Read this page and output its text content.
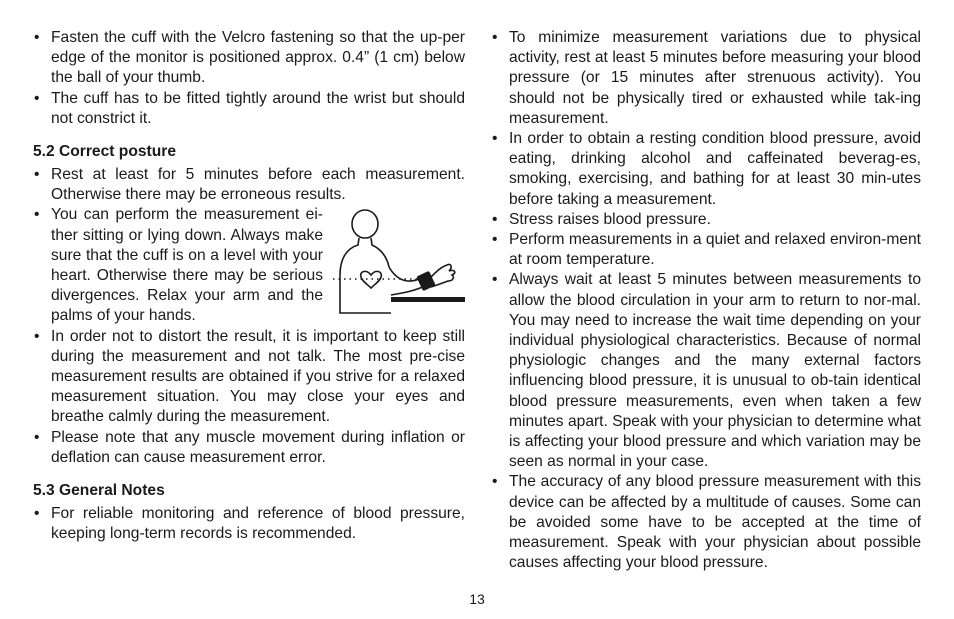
• Fasten the cuff with the Velcro fastening so that the up-per edge of the monitor is positioned approx. 0.4” (1 cm) below the ball of your thumb.
• The cuff has to be fitted tightly around the wrist but should not constrict it.
5.2 Correct posture
• Rest at least for 5 minutes before each measurement. Otherwise there may be erroneous results.
• You can perform the measurement ei-ther sitting or lying down. Always make sure that the cuff is on a level with your heart. Otherwise there may be serious divergences. Relax your arm and the palms of your hands.
• In order not to distort the result, it is important to keep still during the measurement and not talk. The most pre-cise measurement results are obtained if you strive for a relaxed measurement situation. You may close your eyes and breathe calmly during the measurement.
• Please note that any muscle movement during inflation or deflation can cause measurement error.
5.3 General Notes
• For reliable monitoring and reference of blood pressure, keeping long-term records is recommended.
• To minimize measurement variations due to physical activity, rest at least 5 minutes before measuring your blood pressure (or 15 minutes after strenuous activity). You should not be physically tired or exhausted while tak-ing measurement.
• In order to obtain a resting condition blood pressure, avoid eating, drinking alcohol and caffeinated beverag-es, smoking, exercising, and bathing for at least 30 min-utes before taking a measurement.
• Stress raises blood pressure.
• Perform measurements in a quiet and relaxed environ-ment at room temperature.
• Always wait at least 5 minutes between measurements to allow the blood circulation in your arm to return to nor-mal. You may need to increase the wait time depending on your individual physiological characteristics. Because of normal physiologic changes and the many external factors influencing blood pressure, it is unusual to ob-tain identical blood pressure measurements, even when taken a few minutes apart. Speak with your physician to determine what is affecting your blood pressure and which variation may be seen as normal in your case.
• The accuracy of any blood pressure measurement with this device can be affected by a multitude of causes. Some can be avoided some have to be accepted at the time of measurement. Speak with your physician about possible causes affecting your blood pressure.
13
